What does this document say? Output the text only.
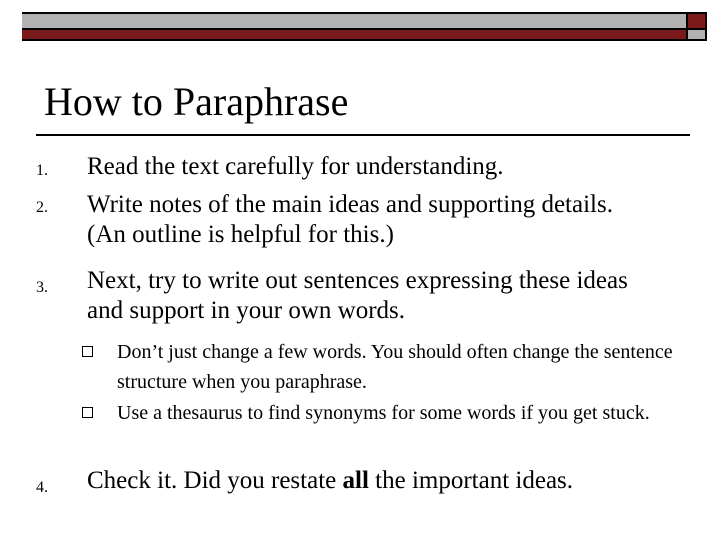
How to Paraphrase
1. Read the text carefully for understanding.
2. Write notes of the main ideas and supporting details. (An outline is helpful for this.)
3. Next, try to write out sentences expressing these ideas and support in your own words.
Don’t just change a few words. You should often change the sentence structure when you paraphrase.
Use a thesaurus to find synonyms for some words if you get stuck.
4. Check it. Did you restate all the important ideas.
